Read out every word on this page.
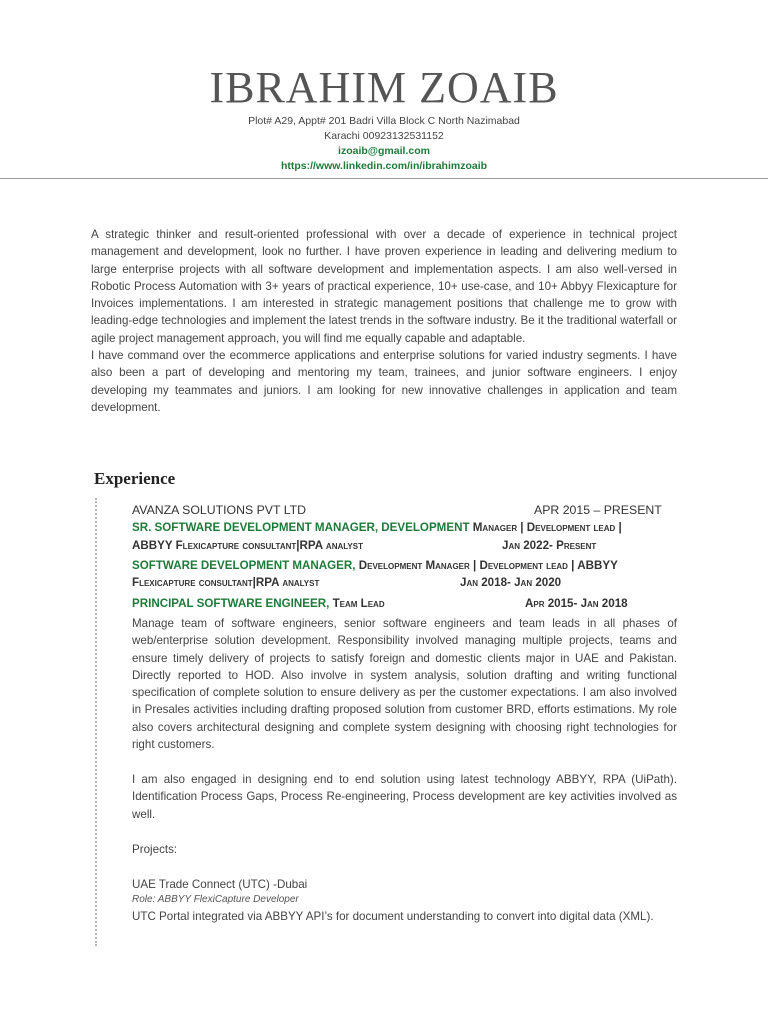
IBRAHIM ZOAIB
Plot# A29, Appt# 201 Badri Villa Block C North Nazimabad
Karachi 00923132531152
izoaib@gmail.com
https://www.linkedin.com/in/ibrahimzoaib

A strategic thinker and result-oriented professional with over a decade of experience in technical project management and development, look no further. I have proven experience in leading and delivering medium to large enterprise projects with all software development and implementation aspects. I am also well-versed in Robotic Process Automation with 3+ years of practical experience, 10+ use-case, and 10+ Abbyy Flexicapture for Invoices implementations. I am interested in strategic management positions that challenge me to grow with leading-edge technologies and implement the latest trends in the software industry. Be it the traditional waterfall or agile project management approach, you will find me equally capable and adaptable.

I have command over the ecommerce applications and enterprise solutions for varied industry segments. I have also been a part of developing and mentoring my team, trainees, and junior software engineers. I enjoy developing my teammates and juniors. I am looking for new innovative challenges in application and team development.

Experience
AVANZA SOLUTIONS PVT LTD	APR 2015 – PRESENT
SR. SOFTWARE DEVELOPMENT MANAGER, DEVELOPMENT Manager | Development lead |
ABBYY Flexicapture consultant|RPA analyst	Jan 2022- Present
SOFTWARE DEVELOPMENT MANAGER, Development Manager | Development lead | ABBYY
Flexicapture consultant|RPA analyst	Jan 2018- Jan 2020
PRINCIPAL SOFTWARE ENGINEER, Team Lead	Apr 2015- Jan 2018
Manage team of software engineers, senior software engineers and team leads in all phases of web/enterprise solution development. Responsibility involved managing multiple projects, teams and ensure timely delivery of projects to satisfy foreign and domestic clients major in UAE and Pakistan. Directly reported to HOD. Also involve in system analysis, solution drafting and writing functional specification of complete solution to ensure delivery as per the customer expectations. I am also involved in Presales activities including drafting proposed solution from customer BRD, efforts estimations. My role also covers architectural designing and complete system designing with choosing right technologies for right customers.
I am also engaged in designing end to end solution using latest technology ABBYY, RPA (UiPath). Identification Process Gaps, Process Re-engineering, Process development are key activities involved as well.
Projects:
UAE Trade Connect (UTC) -Dubai
Role: ABBYY FlexiCapture Developer
UTC Portal integrated via ABBYY API’s for document understanding to convert into digital data (XML).
